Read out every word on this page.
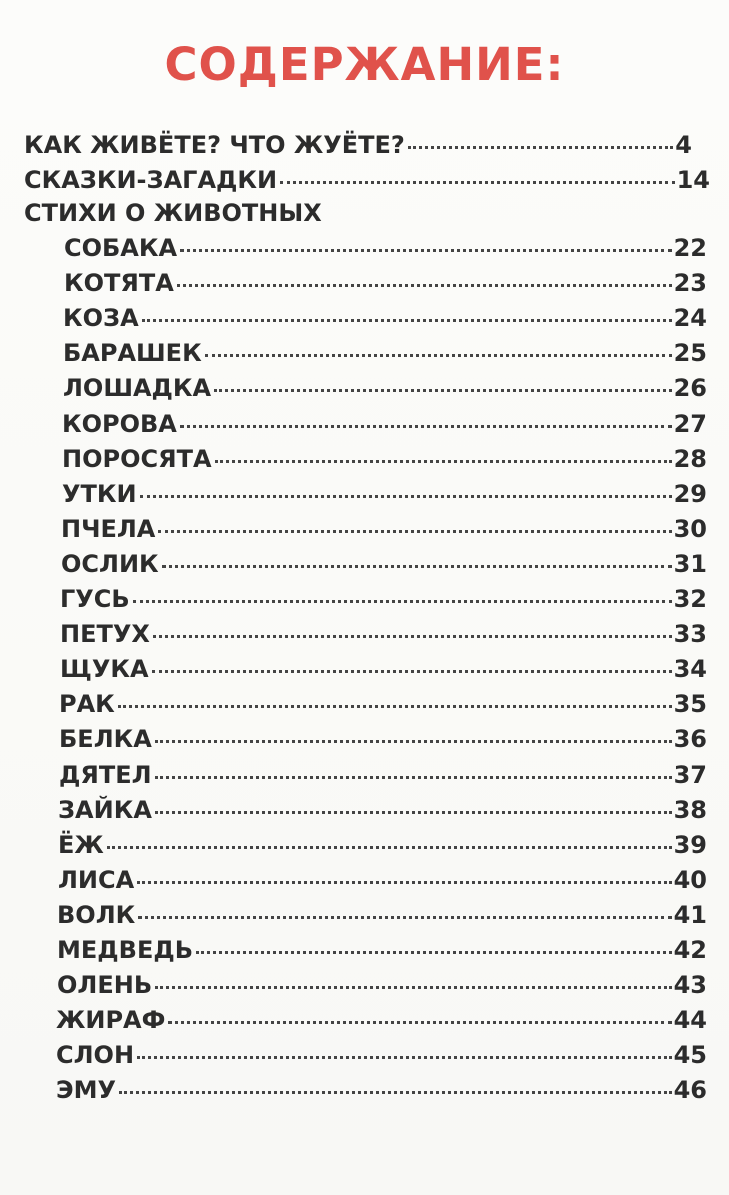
СОДЕРЖАНИЕ:
КАК ЖИВЁТЕ? ЧТО ЖУЁТЕ?	4
СКАЗКИ-ЗАГАДКИ	14
СТИХИ О ЖИВОТНЫХ
СОБАКА	22
КОТЯТА	23
КОЗА	24
БАРАШЕК	25
ЛОШАДКА	26
КОРОВА	27
ПОРОСЯТА	28
УТКИ	29
ПЧЕЛА	30
ОСЛИК	31
ГУСЬ	32
ПЕТУХ	33
ЩУКА	34
РАК	35
БЕЛКА	36
ДЯТЕЛ	37
ЗАЙКА	38
ЁЖ	39
ЛИСА	40
ВОЛК	41
МЕДВЕДЬ	42
ОЛЕНЬ	43
ЖИРАФ	44
СЛОН	45
ЭМУ	46
